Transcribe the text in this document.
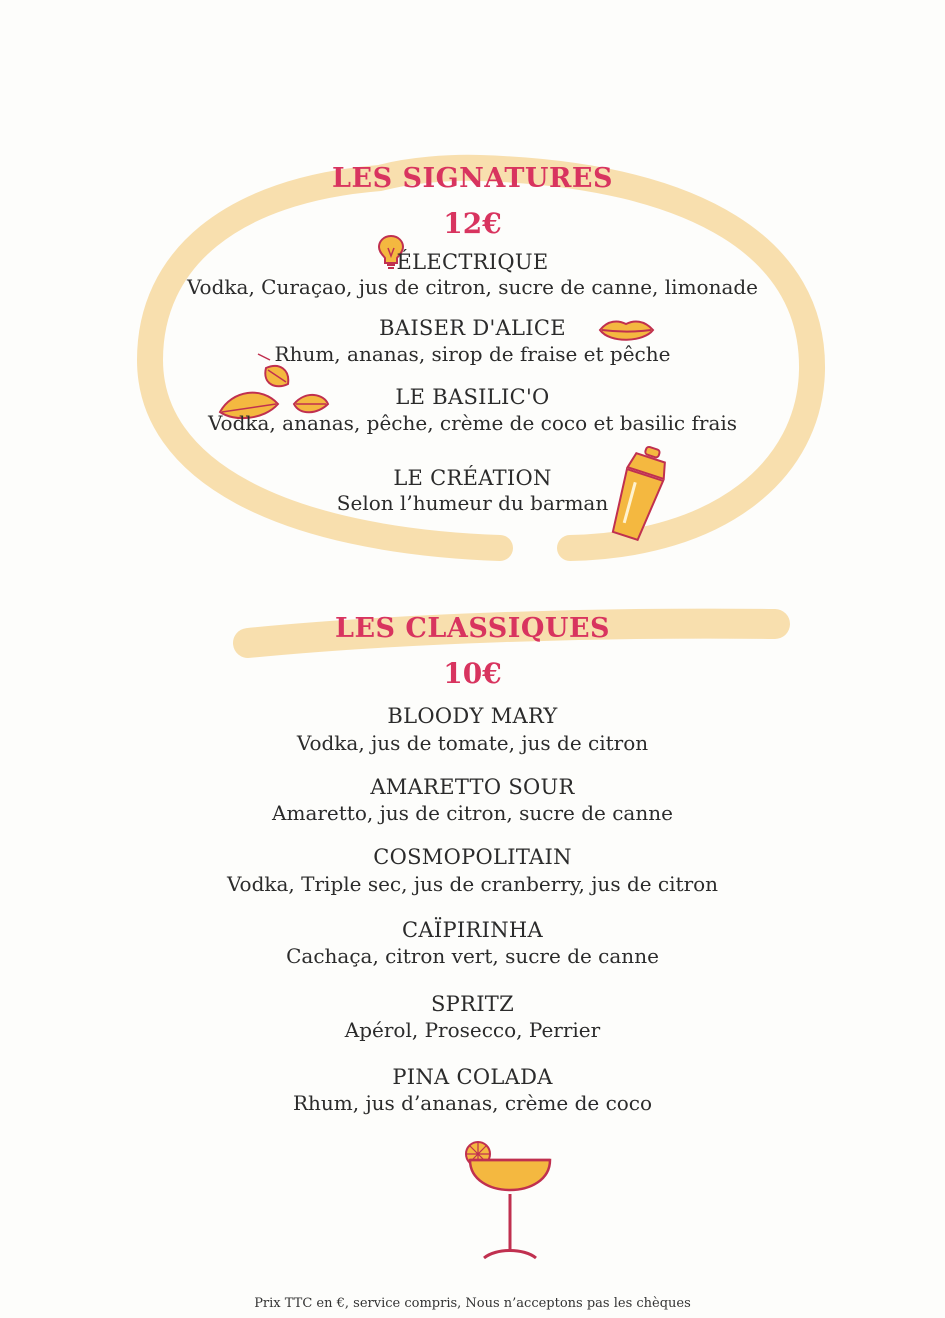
LES SIGNATURES
12€
ÉLECTRIQUE
Vodka, Curaçao, jus de citron, sucre de canne, limonade
BAISER D'ALICE
Rhum, ananas, sirop de fraise et pêche
LE BASILIC'O
Vodka, ananas, pêche, crème de coco et basilic frais
LE CRÉATION
Selon l’humeur du barman
LES CLASSIQUES
10€
BLOODY MARY
Vodka, jus de tomate, jus de citron
AMARETTO SOUR
Amaretto, jus de citron, sucre de canne
COSMOPOLITAIN
Vodka, Triple sec, jus de cranberry, jus de citron
CAÏPIRINHA
Cachaça, citron vert, sucre de canne
SPRITZ
Apérol, Prosecco, Perrier
PINA COLADA
Rhum, jus d’ananas, crème de coco
Prix TTC en €, service compris, Nous n’acceptons pas les chèques
